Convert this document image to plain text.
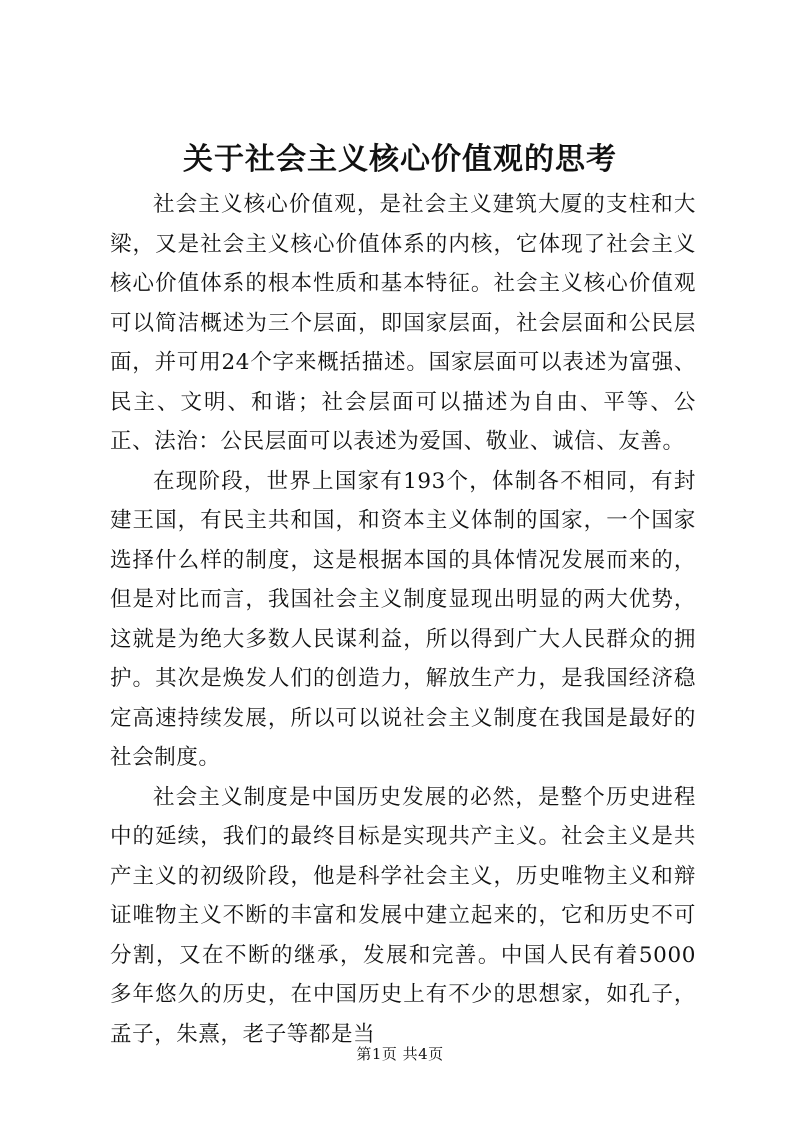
关于社会主义核心价值观的思考

社会主义核心价值观，是社会主义建筑大厦的支柱和大梁，又是社会主义核心价值体系的内核，它体现了社会主义核心价值体系的根本性质和基本特征。社会主义核心价值观可以简洁概述为三个层面，即国家层面，社会层面和公民层面，并可用24个字来概括描述。国家层面可以表述为富强、民主、文明、和谐；社会层面可以描述为自由、平等、公正、法治：公民层面可以表述为爱国、敬业、诚信、友善。

在现阶段，世界上国家有193个，体制各不相同，有封建王国，有民主共和国，和资本主义体制的国家，一个国家选择什么样的制度，这是根据本国的具体情况发展而来的，但是对比而言，我国社会主义制度显现出明显的两大优势，这就是为绝大多数人民谋利益，所以得到广大人民群众的拥护。其次是焕发人们的创造力，解放生产力，是我国经济稳定高速持续发展，所以可以说社会主义制度在我国是最好的社会制度。

社会主义制度是中国历史发展的必然，是整个历史进程中的延续，我们的最终目标是实现共产主义。社会主义是共产主义的初级阶段，他是科学社会主义，历史唯物主义和辩证唯物主义不断的丰富和发展中建立起来的，它和历史不可分割，又在不断的继承，发展和完善。中国人民有着5000多年悠久的历史，在中国历史上有不少的思想家，如孔子，孟子，朱熹，老子等都是当

第1页 共4页
